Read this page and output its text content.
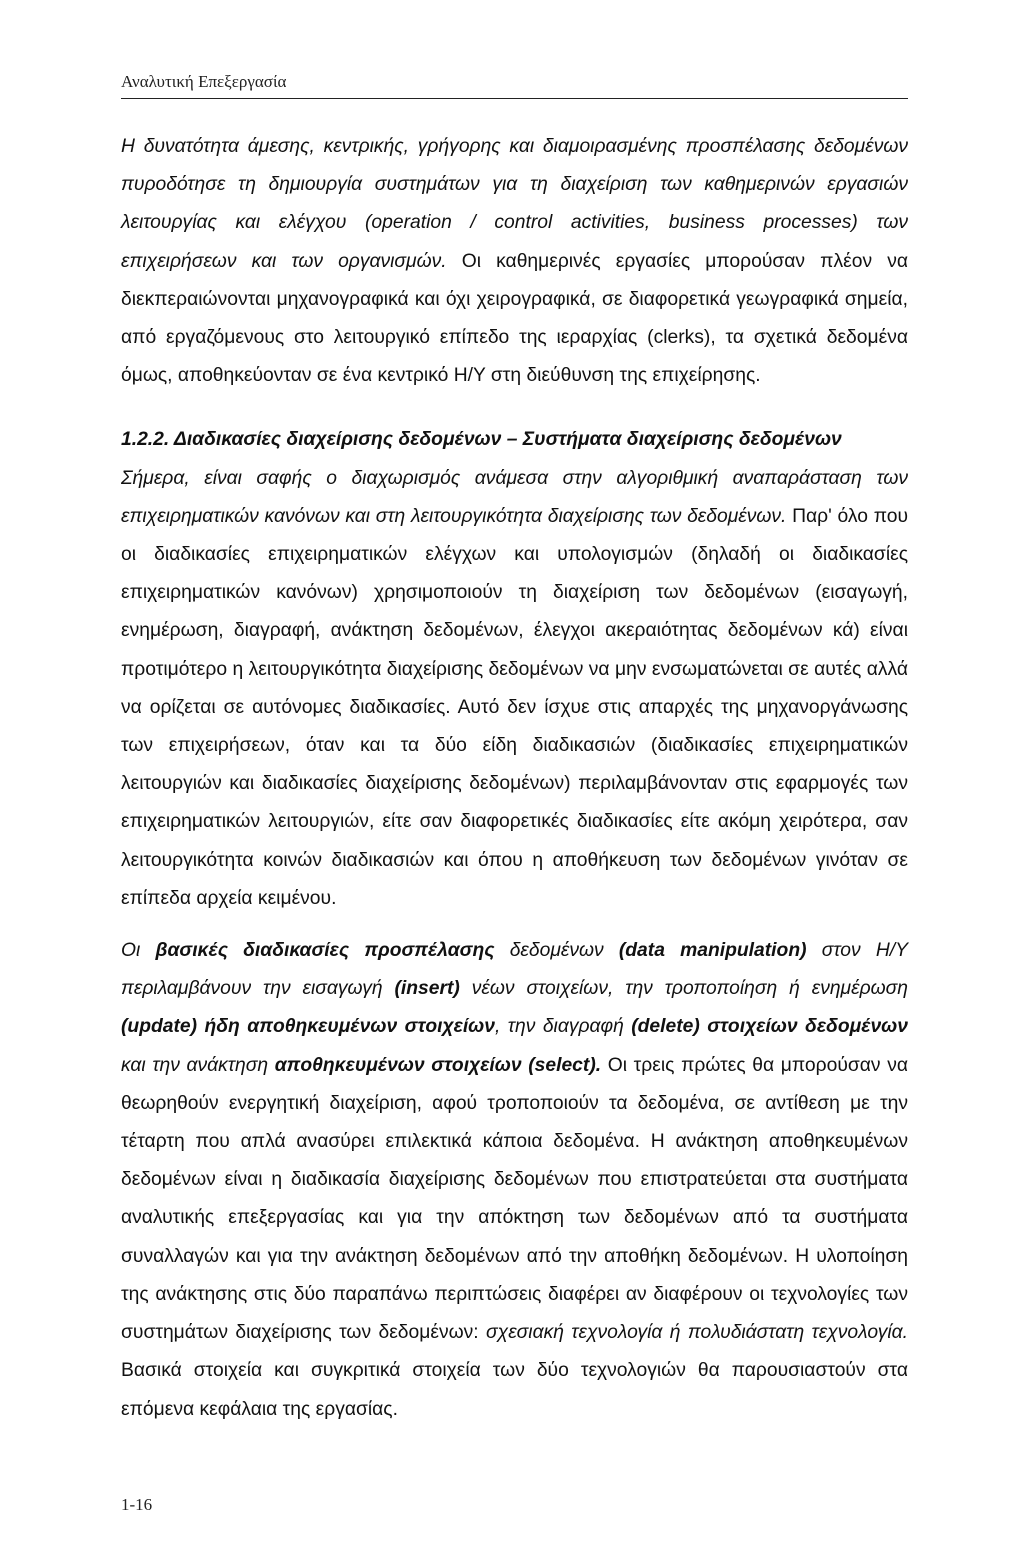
Αναλυτική Επεξεργασία

Η δυνατότητα άμεσης, κεντρικής, γρήγορης και διαμοιρασμένης προσπέλασης δεδομένων πυροδότησε τη δημιουργία συστημάτων για τη διαχείριση των καθημερινών εργασιών λειτουργίας και ελέγχου (operation / control activities, business processes) των επιχειρήσεων και των οργανισμών. Οι καθημερινές εργασίες μπορούσαν πλέον να διεκπεραιώνονται μηχανογραφικά και όχι χειρογραφικά, σε διαφορετικά γεωγραφικά σημεία, από εργαζόμενους στο λειτουργικό επίπεδο της ιεραρχίας (clerks), τα σχετικά δεδομένα όμως, αποθηκεύονταν σε ένα κεντρικό Η/Υ στη διεύθυνση της επιχείρησης.

1.2.2. Διαδικασίες διαχείρισης δεδομένων – Συστήματα διαχείρισης δεδομένων

Σήμερα, είναι σαφής ο διαχωρισμός ανάμεσα στην αλγοριθμική αναπαράσταση των επιχειρηματικών κανόνων και στη λειτουργικότητα διαχείρισης των δεδομένων. Παρ' όλο που οι διαδικασίες επιχειρηματικών ελέγχων και υπολογισμών (δηλαδή οι διαδικασίες επιχειρηματικών κανόνων) χρησιμοποιούν τη διαχείριση των δεδομένων (εισαγωγή, ενημέρωση, διαγραφή, ανάκτηση δεδομένων, έλεγχοι ακεραιότητας δεδομένων κά) είναι προτιμότερο η λειτουργικότητα διαχείρισης δεδομένων να μην ενσωματώνεται σε αυτές αλλά να ορίζεται σε αυτόνομες διαδικασίες. Αυτό δεν ίσχυε στις απαρχές της μηχανοργάνωσης των επιχειρήσεων, όταν και τα δύο είδη διαδικασιών (διαδικασίες επιχειρηματικών λειτουργιών και διαδικασίες διαχείρισης δεδομένων) περιλαμβάνονταν στις εφαρμογές των επιχειρηματικών λειτουργιών, είτε σαν διαφορετικές διαδικασίες είτε ακόμη χειρότερα, σαν λειτουργικότητα κοινών διαδικασιών και όπου η αποθήκευση των δεδομένων γινόταν σε επίπεδα αρχεία κειμένου.

Οι βασικές διαδικασίες προσπέλασης δεδομένων (data manipulation) στον Η/Υ περιλαμβάνουν την εισαγωγή (insert) νέων στοιχείων, την τροποποίηση ή ενημέρωση (update) ήδη αποθηκευμένων στοιχείων, την διαγραφή (delete) στοιχείων δεδομένων και την ανάκτηση αποθηκευμένων στοιχείων (select). Οι τρεις πρώτες θα μπορούσαν να θεωρηθούν ενεργητική διαχείριση, αφού τροποποιούν τα δεδομένα, σε αντίθεση με την τέταρτη που απλά ανασύρει επιλεκτικά κάποια δεδομένα. Η ανάκτηση αποθηκευμένων δεδομένων είναι η διαδικασία διαχείρισης δεδομένων που επιστρατεύεται στα συστήματα αναλυτικής επεξεργασίας και για την απόκτηση των δεδομένων από τα συστήματα συναλλαγών και για την ανάκτηση δεδομένων από την αποθήκη δεδομένων. Η υλοποίηση της ανάκτησης στις δύο παραπάνω περιπτώσεις διαφέρει αν διαφέρουν οι τεχνολογίες των συστημάτων διαχείρισης των δεδομένων: σχεσιακή τεχνολογία ή πολυδιάστατη τεχνολογία. Βασικά στοιχεία και συγκριτικά στοιχεία των δύο τεχνολογιών θα παρουσιαστούν στα επόμενα κεφάλαια της εργασίας.

1-16
